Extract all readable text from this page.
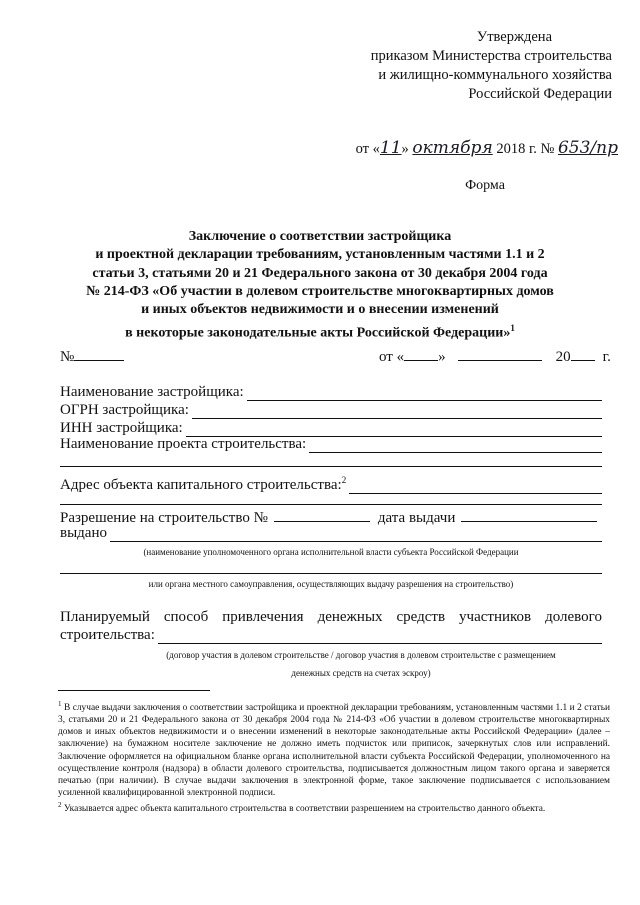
Утверждена
приказом Министерства строительства
и жилищно-коммунального хозяйства
Российской Федерации
от «11» октября 2018 г. № 653/пр
Форма
Заключение о соответствии застройщика
и проектной декларации требованиям, установленным частями 1.1 и 2
статьи 3, статьями 20 и 21 Федерального закона от 30 декабря 2004 года
№ 214-ФЗ «Об участии в долевом строительстве многоквартирных домов
и иных объектов недвижимости и о внесении изменений
в некоторые законодательные акты Российской Федерации»$^1$
№	от « »	20 г.
Наименование застройщика:
ОГРН застройщика:
ИНН застройщика:
Наименование проекта строительства:
Адрес объекта капитального строительства:$^2$
Разрешение на строительство №	дата выдачи
выдано
(наименование уполномоченного органа исполнительной власти субъекта Российской Федерации
или органа местного самоуправления, осуществляющих выдачу разрешения на строительство)
Планируемый способ привлечения денежных средств участников долевого
строительства:
(договор участия в долевом строительстве / договор участия в долевом строительстве с размещением
денежных средств на счетах эскроу)

$^1$ В случае выдачи заключения о соответствии застройщика и проектной декларации требованиям, установленным частями 1.1 и 2 статьи 3, статьями 20 и 21 Федерального закона от 30 декабря 2004 года № 214-ФЗ «Об участии в долевом строительстве многоквартирных домов и иных объектов недвижимости и о внесении изменений в некоторые законодательные акты Российской Федерации» (далее – заключение) на бумажном носителе заключение не должно иметь подчисток или приписок, зачеркнутых слов или исправлений. Заключение оформляется на официальном бланке органа исполнительной власти субъекта Российской Федерации, уполномоченного на осуществление контроля (надзора) в области долевого строительства, подписывается должностным лицом такого органа и заверяется печатью (при наличии). В случае выдачи заключения в электронной форме, такое заключение подписывается с использованием усиленной квалифицированной электронной подписи.

$^2$ Указывается адрес объекта капитального строительства в соответствии разрешением на строительство данного объекта.
